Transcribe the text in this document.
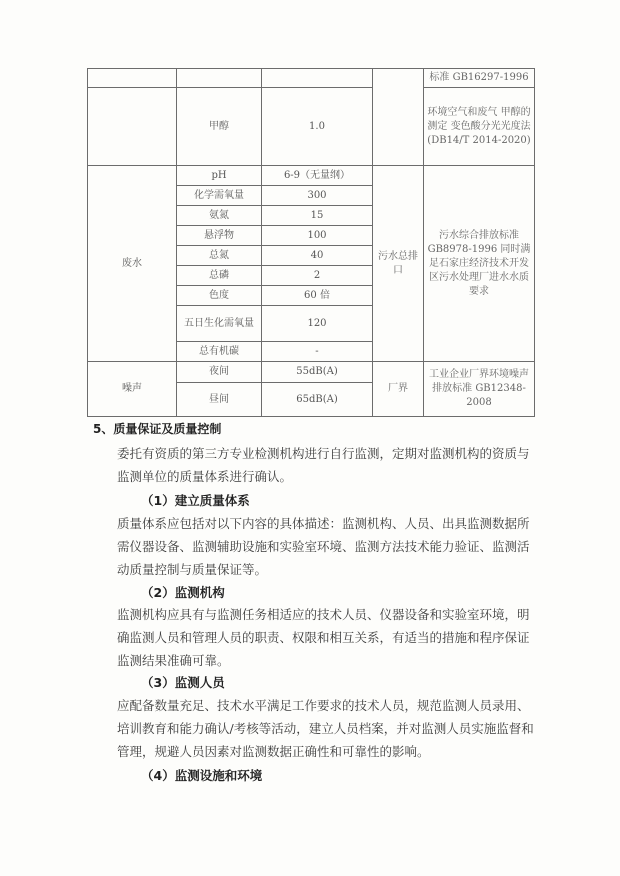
				标准 GB16297-1996
	甲醇	1.0		环境空气和废气 甲醇的测定 变色酸分光光度法 (DB14/T 2014-2020)
废水	pH	6-9（无量纲）	污水总排口	污水综合排放标准 GB8978-1996 同时满足石家庄经济技术开发区污水处理厂进水水质要求
	化学需氧量	300		
	氨氮	15		
	悬浮物	100		
	总氮	40		
	总磷	2		
	色度	60 倍		
	五日生化需氧量	120		
	总有机碳	-		
噪声	夜间	55dB(A)	厂界	工业企业厂界环境噪声排放标准 GB12348-2008
	昼间	65dB(A)		
5、质量保证及质量控制
委托有资质的第三方专业检测机构进行自行监测，定期对监测机构的资质与监测单位的质量体系进行确认。
（1）建立质量体系
质量体系应包括对以下内容的具体描述：监测机构、人员、出具监测数据所需仪器设备、监测辅助设施和实验室环境、监测方法技术能力验证、监测活动质量控制与质量保证等。
（2）监测机构
监测机构应具有与监测任务相适应的技术人员、仪器设备和实验室环境，明确监测人员和管理人员的职责、权限和相互关系，有适当的措施和程序保证监测结果准确可靠。
（3）监测人员
应配备数量充足、技术水平满足工作要求的技术人员，规范监测人员录用、培训教育和能力确认/考核等活动，建立人员档案，并对监测人员实施监督和管理，规避人员因素对监测数据正确性和可靠性的影响。
（4）监测设施和环境
